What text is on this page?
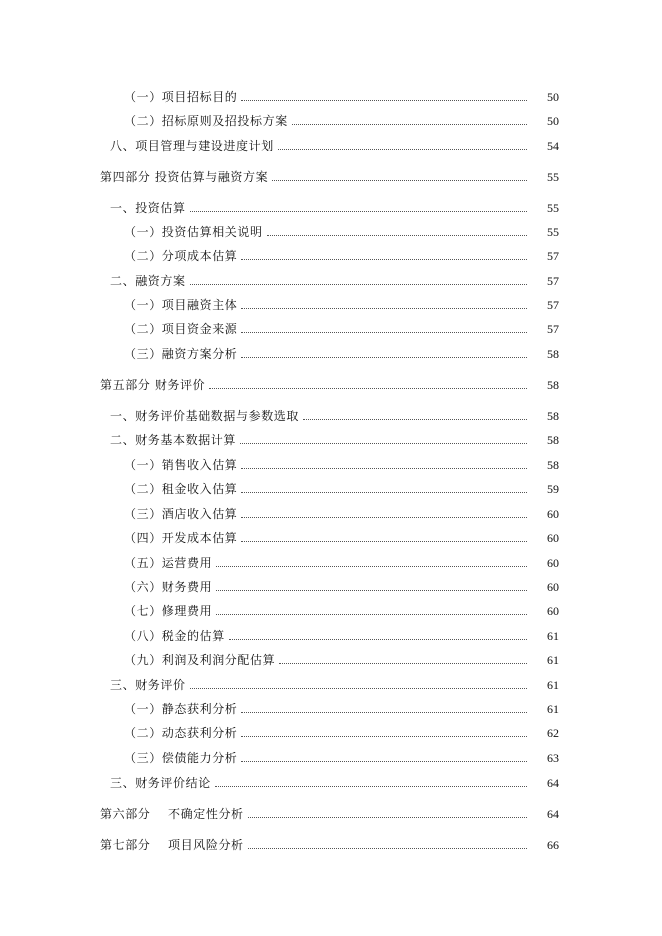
（一）项目招标目的	50
（二）招标原则及招投标方案	50
八、项目管理与建设进度计划	54
第四部分 投资估算与融资方案	55
一、投资估算	55
（一）投资估算相关说明	55
（二）分项成本估算	57
二、融资方案	57
（一）项目融资主体	57
（二）项目资金来源	57
（三）融资方案分析	58
第五部分 财务评价	58
一、财务评价基础数据与参数选取	58
二、财务基本数据计算	58
（一）销售收入估算	58
（二）租金收入估算	59
（三）酒店收入估算	60
（四）开发成本估算	60
（五）运营费用	60
（六）财务费用	60
（七）修理费用	60
（八）税金的估算	61
（九）利润及利润分配估算	61
三、财务评价	61
（一）静态获利分析	61
（二）动态获利分析	62
（三）偿债能力分析	63
三、财务评价结论	64
第六部分    不确定性分析	64
第七部分    项目风险分析	66
